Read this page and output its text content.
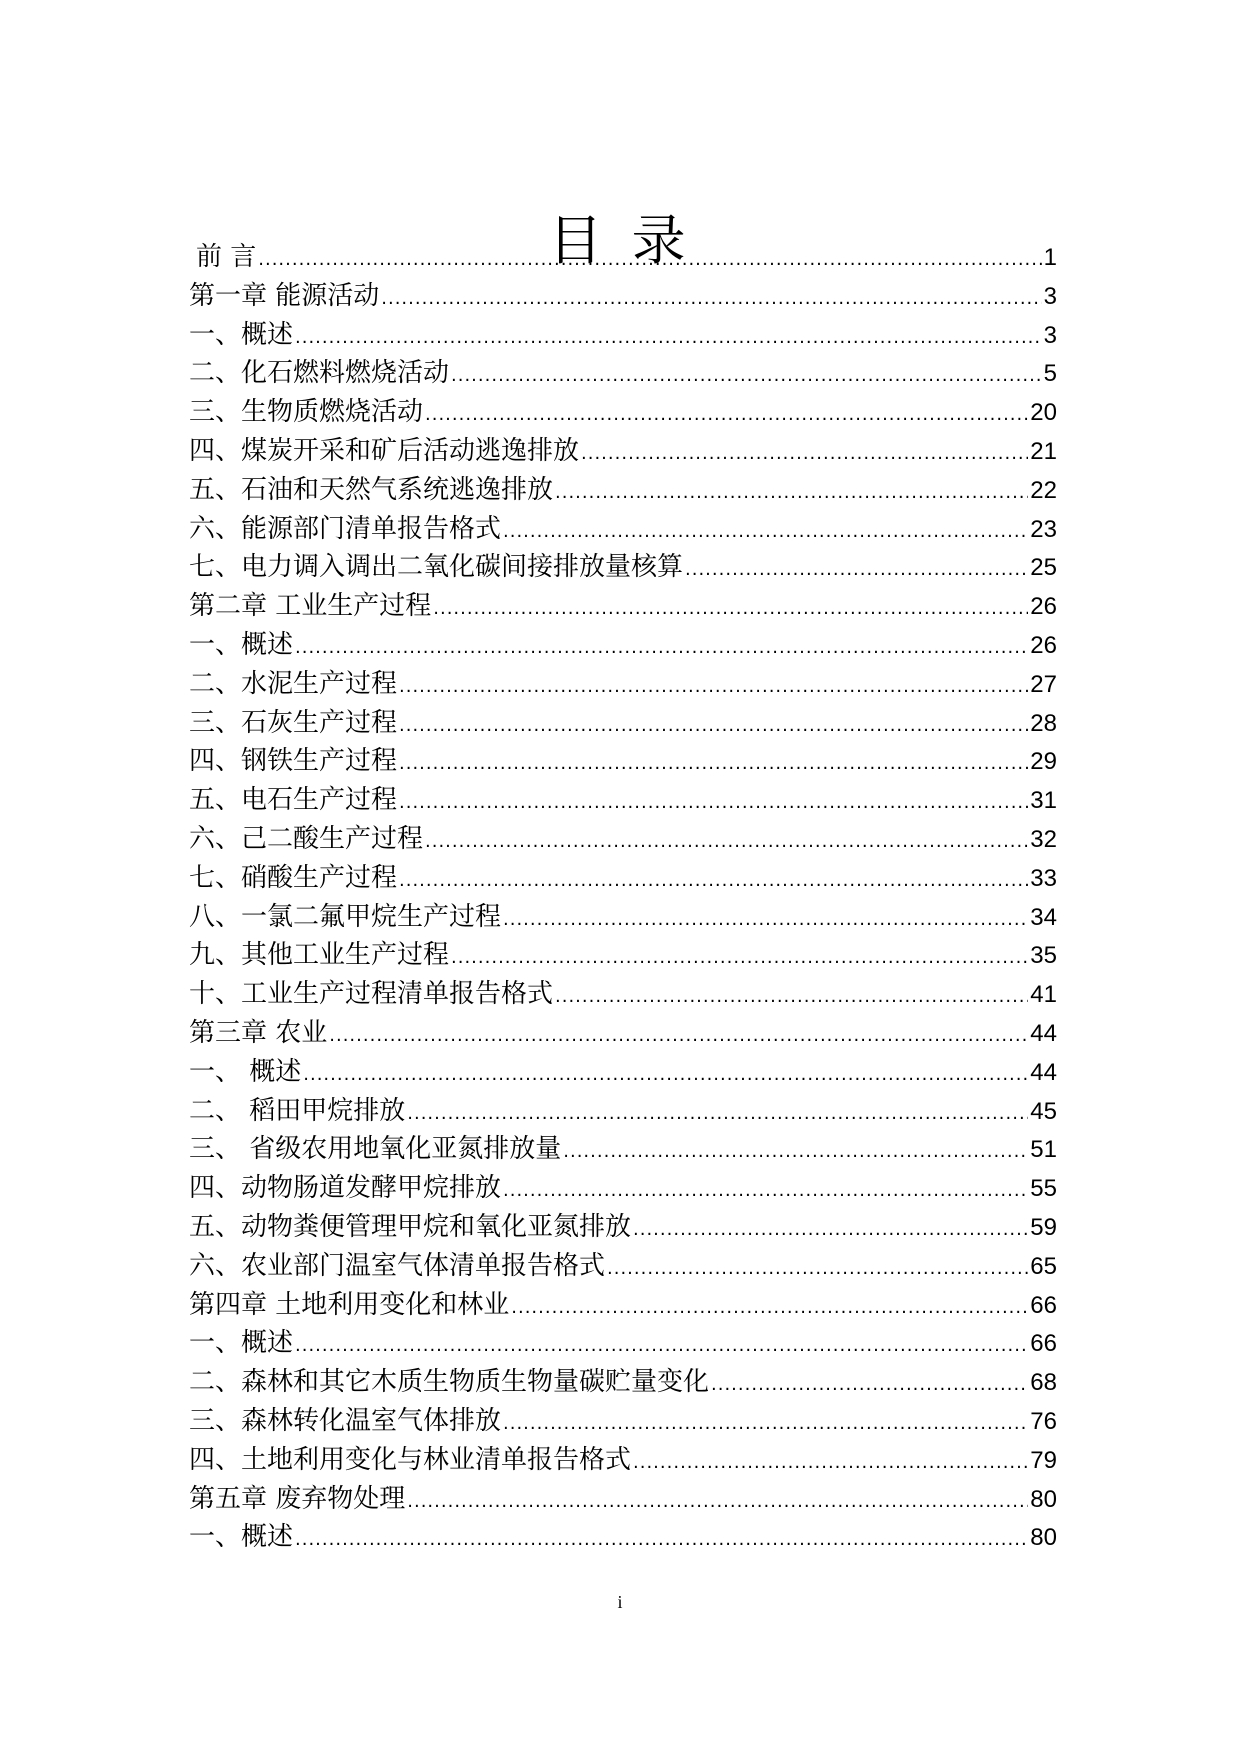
目 录
前 言 .....	1
第一章 能源活动 .....	3
一、概述 .....	3
二、化石燃料燃烧活动 .....	5
三、生物质燃烧活动 .....	20
四、煤炭开采和矿后活动逃逸排放 .....	21
五、石油和天然气系统逃逸排放 .....	22
六、能源部门清单报告格式 .....	23
七、电力调入调出二氧化碳间接排放量核算 .....	25
第二章 工业生产过程 .....	26
一、概述 .....	26
二、水泥生产过程 .....	27
三、石灰生产过程 .....	28
四、钢铁生产过程 .....	29
五、电石生产过程 .....	31
六、己二酸生产过程 .....	32
七、硝酸生产过程 .....	33
八、一氯二氟甲烷生产过程 .....	34
九、其他工业生产过程 .....	35
十、工业生产过程清单报告格式 .....	41
第三章 农业 .....	44
一、 概述 .....	44
二、 稻田甲烷排放 .....	45
三、 省级农用地氧化亚氮排放量 .....	51
四、动物肠道发酵甲烷排放 .....	55
五、动物粪便管理甲烷和氧化亚氮排放 .....	59
六、农业部门温室气体清单报告格式 .....	65
第四章 土地利用变化和林业 .....	66
一、概述 .....	66
二、森林和其它木质生物质生物量碳贮量变化 .....	68
三、森林转化温室气体排放 .....	76
四、土地利用变化与林业清单报告格式 .....	79
第五章 废弃物处理 .....	80
一、概述 .....	80
i
